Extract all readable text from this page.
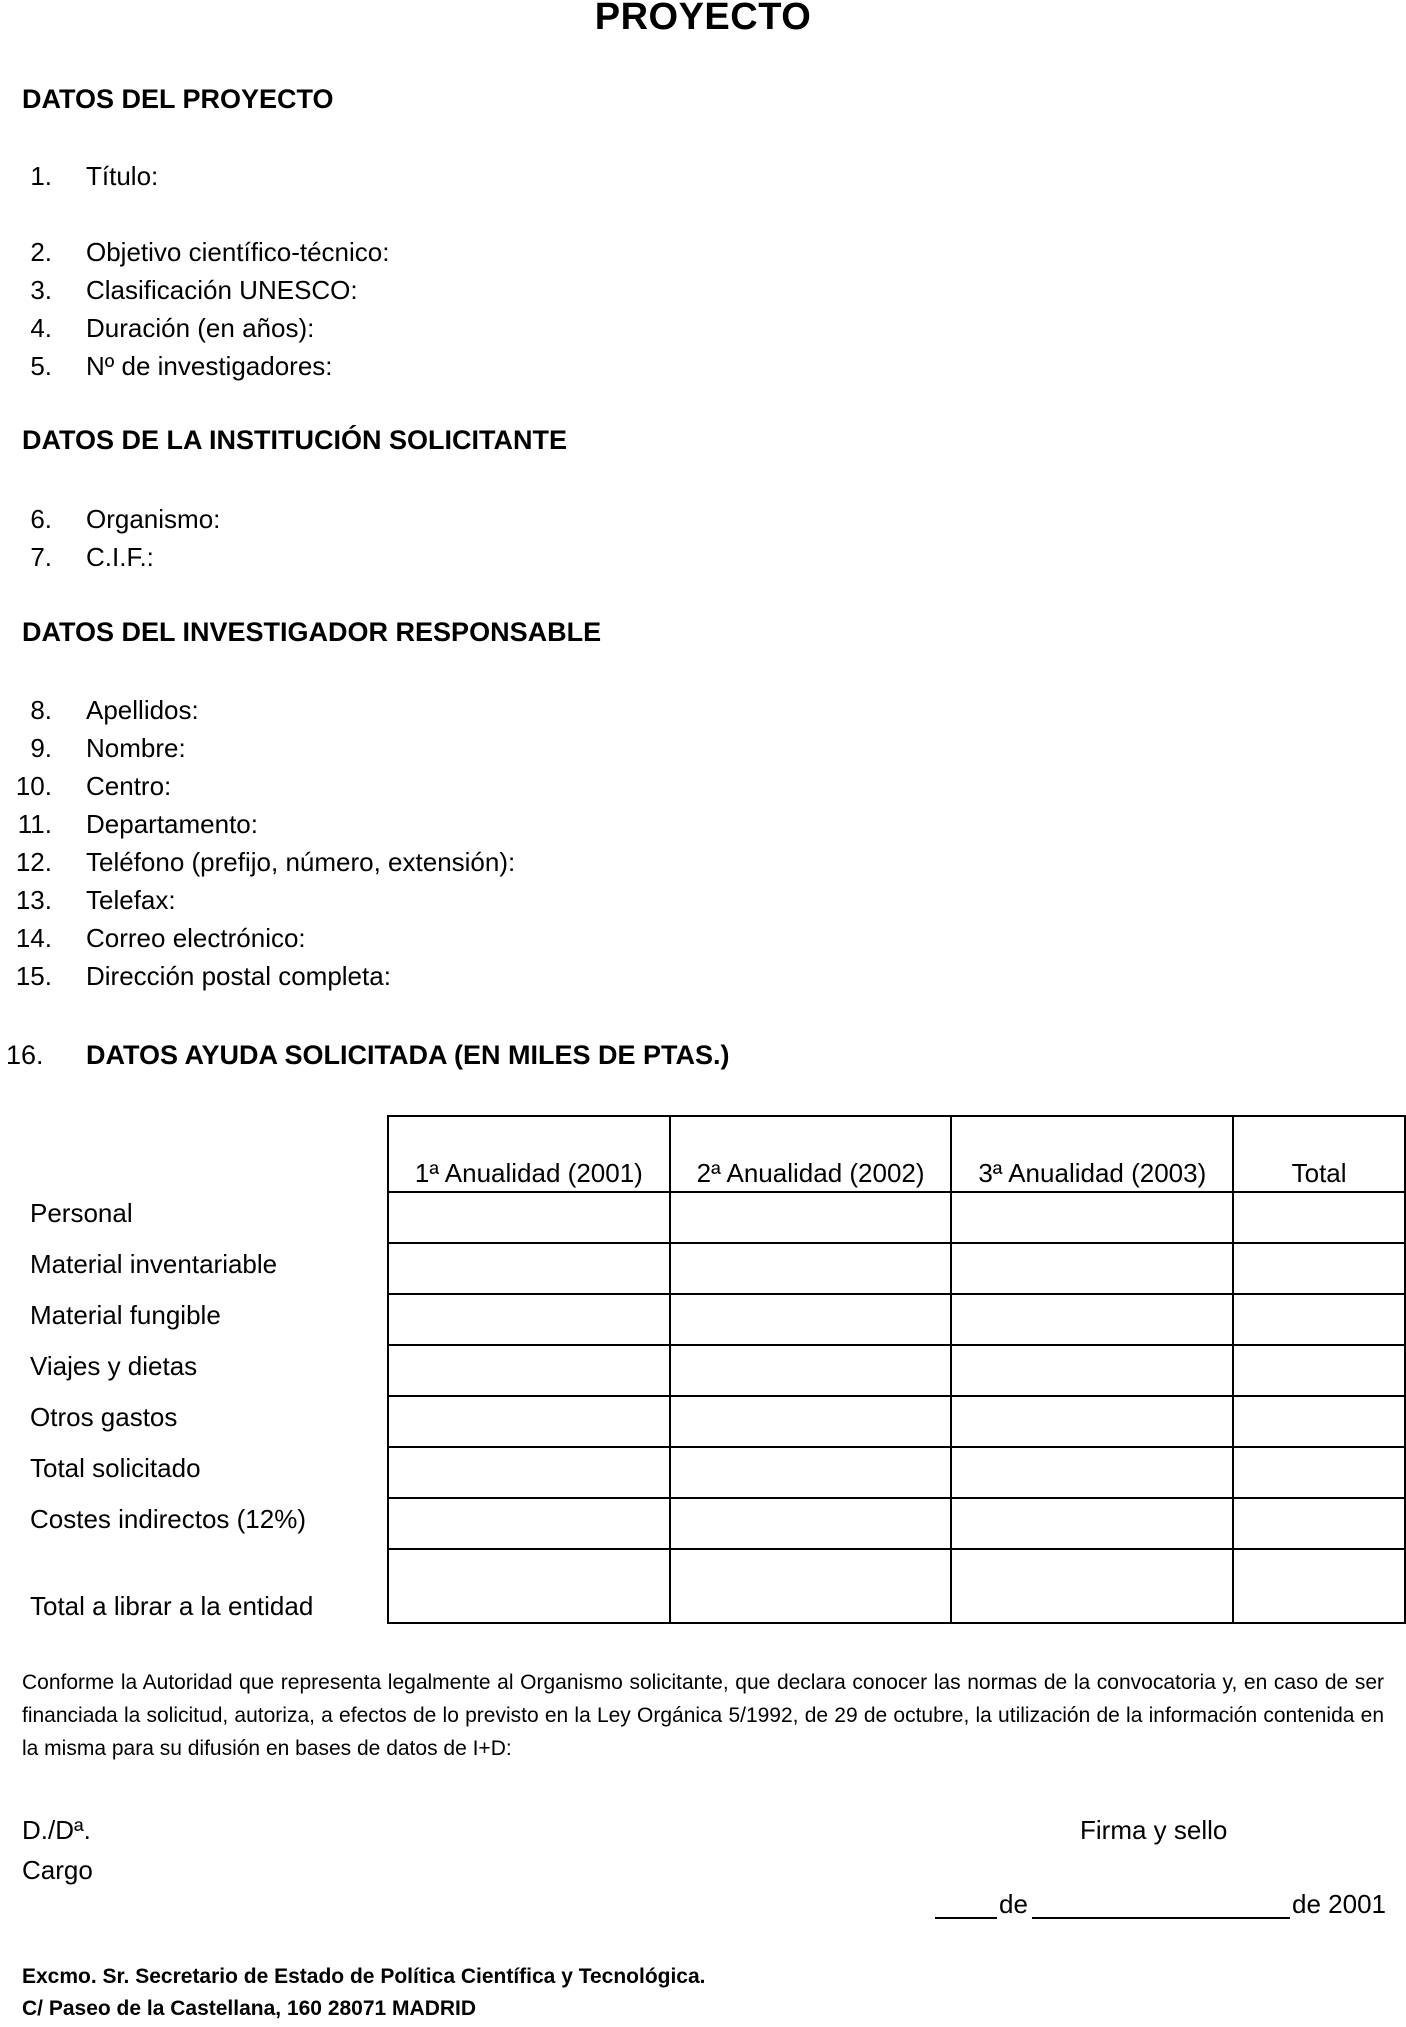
PROYECTO
DATOS DEL PROYECTO
1. Título:
2. Objetivo científico-técnico:
3. Clasificación UNESCO:
4. Duración (en años):
5. Nº de investigadores:
DATOS DE LA INSTITUCIÓN SOLICITANTE
6. Organismo:
7. C.I.F.:
DATOS DEL INVESTIGADOR RESPONSABLE
8. Apellidos:
9. Nombre:
10. Centro:
11. Departamento:
12. Teléfono (prefijo, número, extensión):
13. Telefax:
14. Correo electrónico:
15. Dirección postal completa:
16. DATOS AYUDA SOLICITADA (EN MILES DE PTAS.)
1ª Anualidad (2001)	2ª Anualidad (2002)	3ª Anualidad (2003)	Total

Personal
Material inventariable
Material fungible
Viajes y dietas
Otros gastos
Total solicitado
Costes indirectos (12%)
Total a librar a la entidad
Conforme la Autoridad que representa legalmente al Organismo solicitante, que declara conocer las normas de la convocatoria y, en caso de ser financiada la solicitud, autoriza, a efectos de lo previsto en la Ley Orgánica 5/1992, de 29 de octubre, la utilización de la información contenida en la misma para su difusión en bases de datos de I+D:
D./Dª.
Cargo
Firma y sello
de	de 2001
Excmo. Sr. Secretario de Estado de Política Científica y Tecnológica.
C/ Paseo de la Castellana, 160 28071 MADRID
